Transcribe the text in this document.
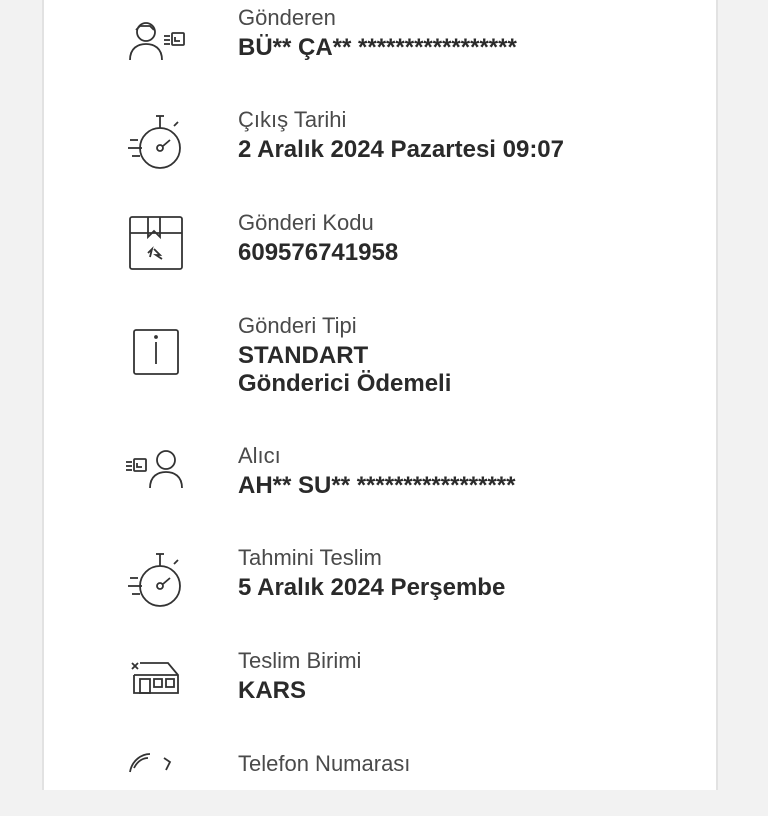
Gönderen
BÜ** ÇA** *****************
Çıkış Tarihi
2 Aralık 2024 Pazartesi 09:07
Gönderi Kodu
609576741958
Gönderi Tipi
STANDART
Gönderici Ödemeli
Alıcı
AH** SU** *****************
Tahmini Teslim
5 Aralık 2024 Perşembe
Teslim Birimi
KARS
Telefon Numarası
